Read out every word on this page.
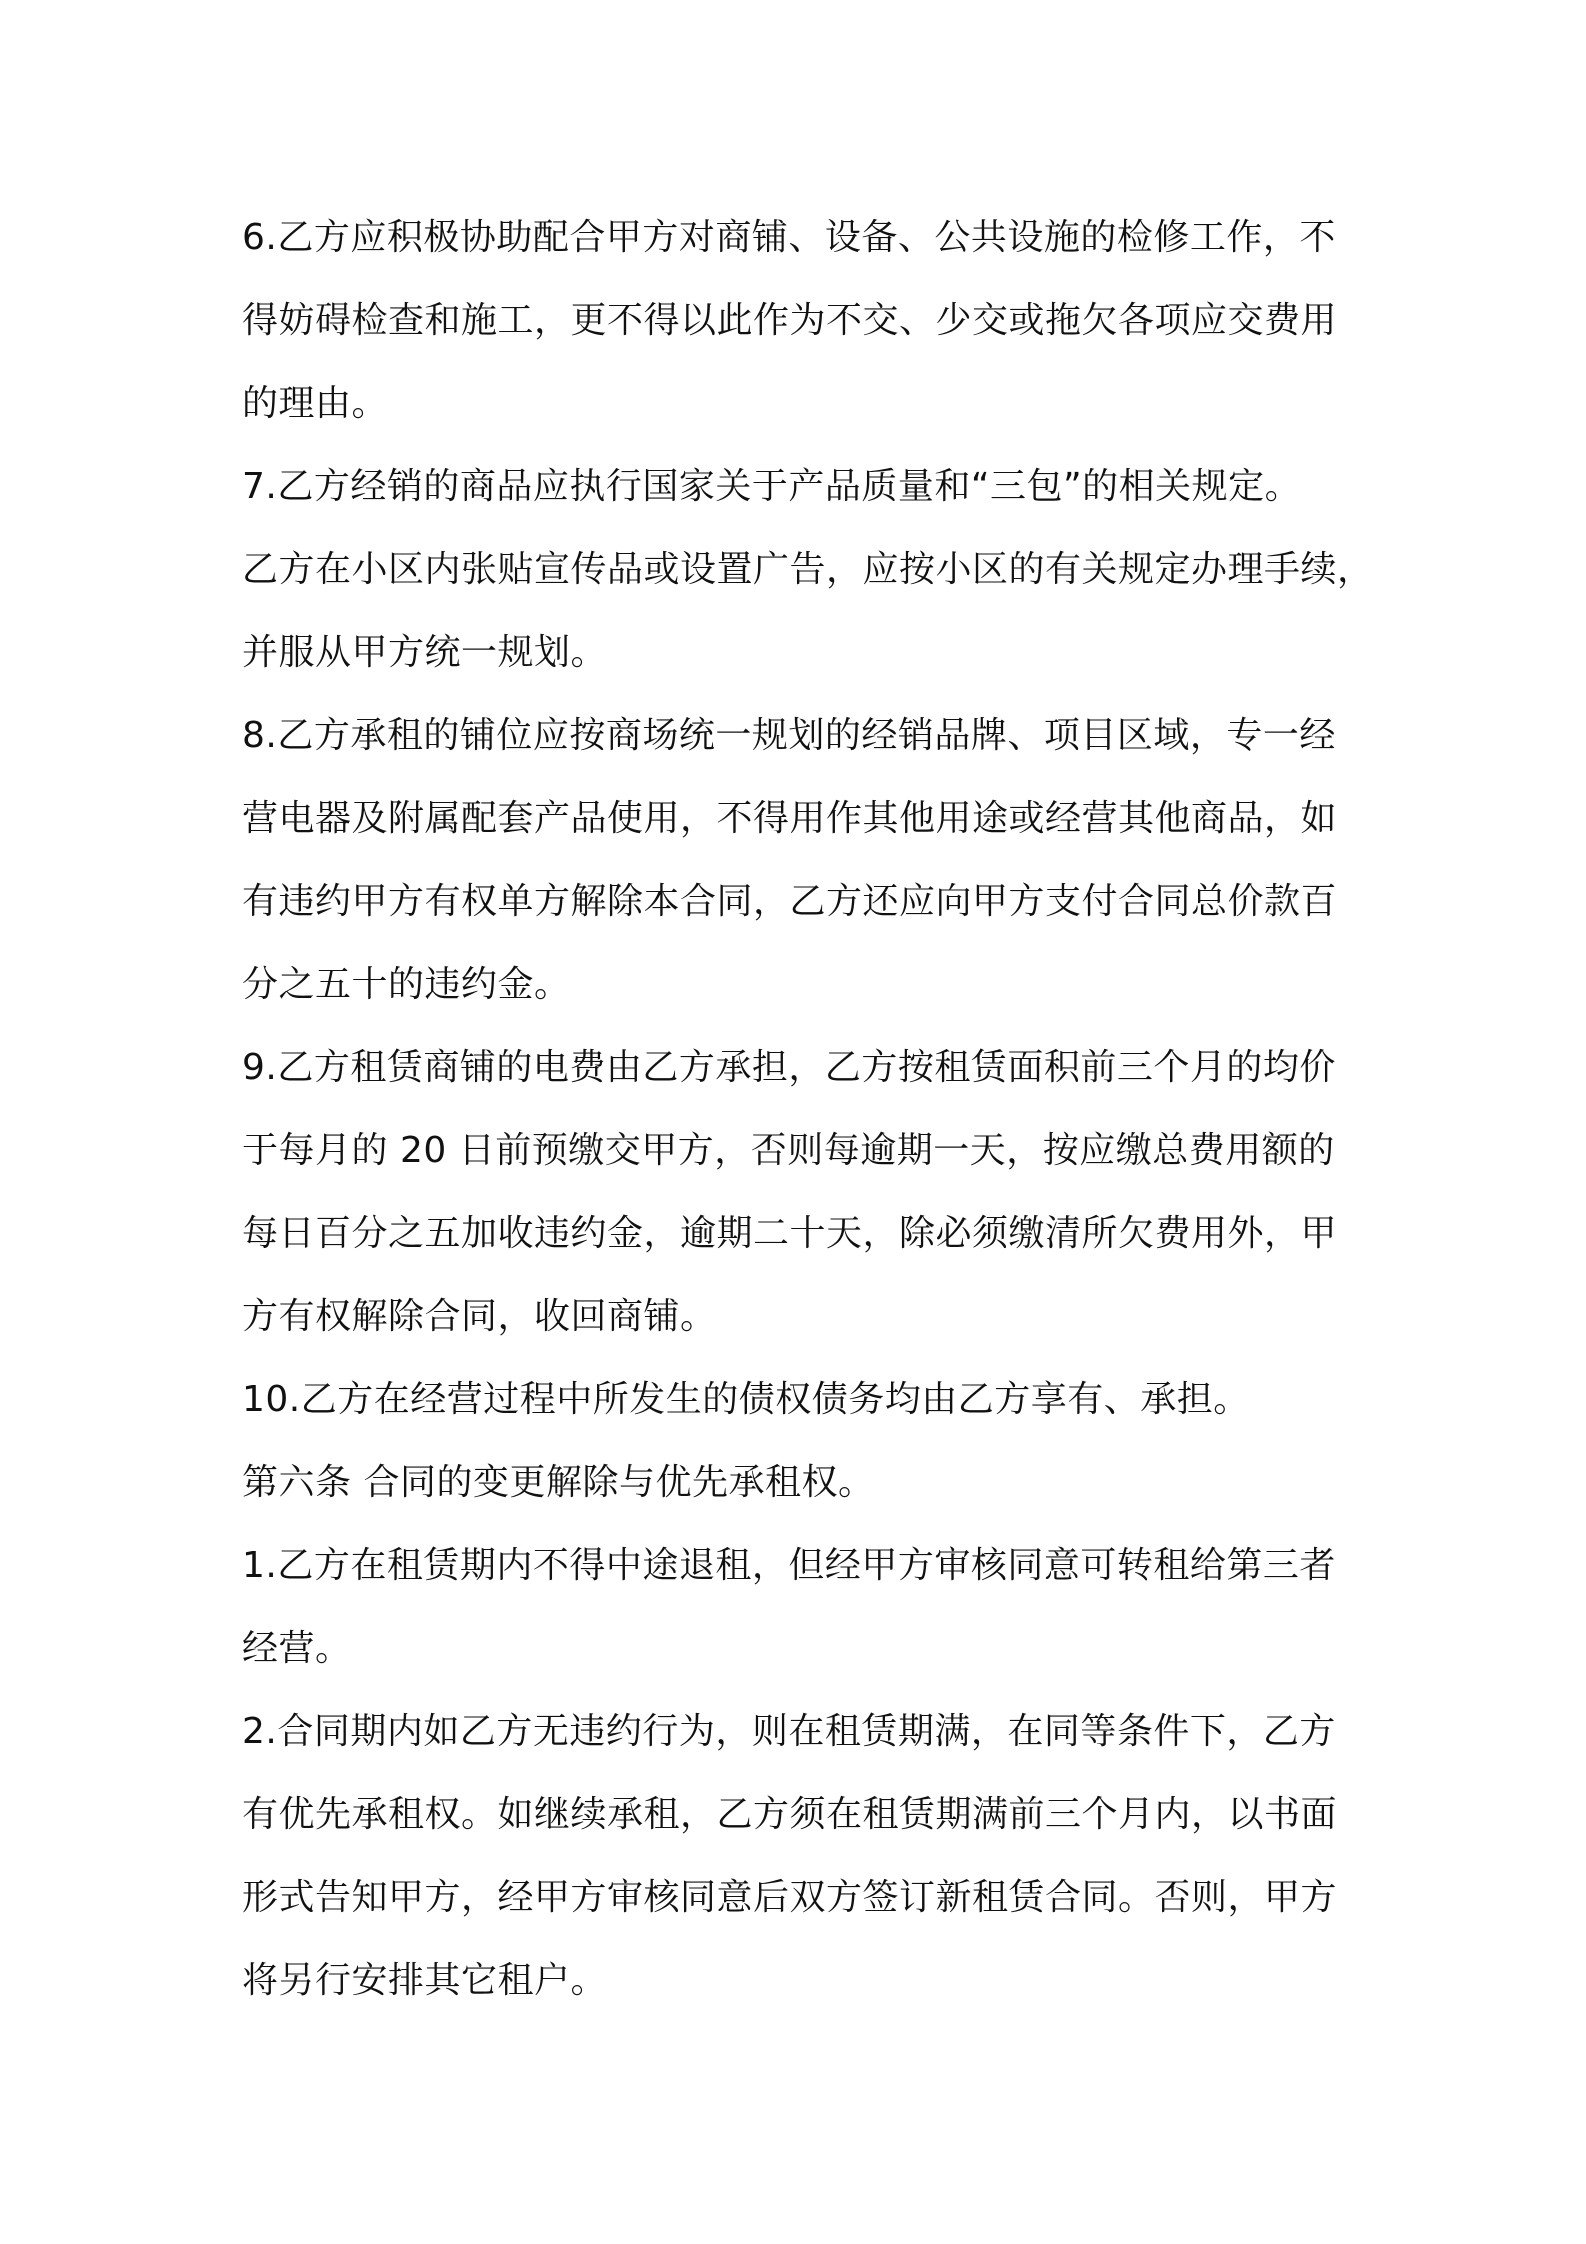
6.乙方应积极协助配合甲方对商铺、设备、公共设施的检修工作，不
得妨碍检查和施工，更不得以此作为不交、少交或拖欠各项应交费用
的理由。
7.乙方经销的商品应执行国家关于产品质量和“三包”的相关规定。
乙方在小区内张贴宣传品或设置广告，应按小区的有关规定办理手续，
并服从甲方统一规划。
8.乙方承租的铺位应按商场统一规划的经销品牌、项目区域，专一经
营电器及附属配套产品使用，不得用作其他用途或经营其他商品，如
有违约甲方有权单方解除本合同，乙方还应向甲方支付合同总价款百
分之五十的违约金。
9.乙方租赁商铺的电费由乙方承担，乙方按租赁面积前三个月的均价
于每月的 20 日前预缴交甲方，否则每逾期一天，按应缴总费用额的
每日百分之五加收违约金，逾期二十天，除必须缴清所欠费用外，甲
方有权解除合同，收回商铺。
10.乙方在经营过程中所发生的债权债务均由乙方享有、承担。
第六条 合同的变更解除与优先承租权。
1.乙方在租赁期内不得中途退租，但经甲方审核同意可转租给第三者
经营。
2.合同期内如乙方无违约行为，则在租赁期满，在同等条件下，乙方
有优先承租权。如继续承租，乙方须在租赁期满前三个月内，以书面
形式告知甲方，经甲方审核同意后双方签订新租赁合同。否则，甲方
将另行安排其它租户。
